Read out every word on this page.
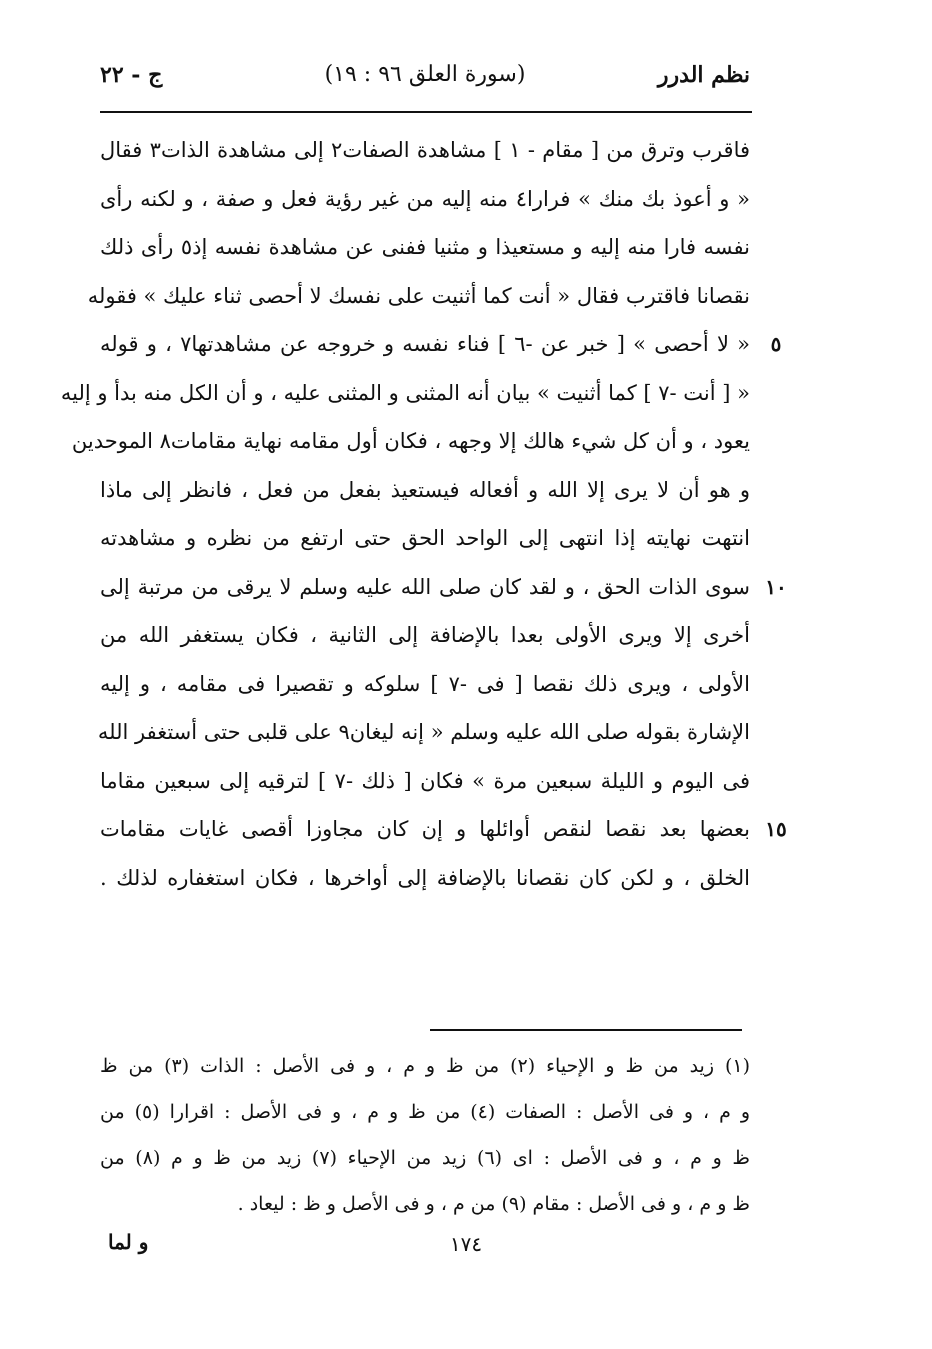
نظم الدرر
(سورة العلق ٩٦ : ١٩)
ج - ٢٢
فاقرب وترق من [ مقام - ١ ] مشاهدة الصفات٢ إلى مشاهدة الذات٣ فقال
« و أعوذ بك منك » فرارا٤ منه إليه من غير رؤية فعل و صفة ، و لكنه رأى
نفسه فارا منه إليه و مستعيذا و مثنيا ففنى عن مشاهدة نفسه إذ٥ رأى ذلك
نقصانا فاقترب فقال « أنت كما أثنيت على نفسك لا أحصى ثناء عليك » فقوله
« لا أحصى » [ خبر عن -٦ ] فناء نفسه و خروجه عن مشاهدتها٧ ، و قوله	٥
« [ أنت -٧ ] كما أثنيت » بيان أنه المثنى و المثنى عليه ، و أن الكل منه بدأ و إليه
يعود ، و أن كل شيء هالك إلا وجهه ، فكان أول مقامه نهاية مقامات٨ الموحدين
و هو أن لا يرى إلا الله و أفعاله فيستعيذ بفعل من فعل ، فانظر إلى ماذا
انتهت نهايته إذا انتهى إلى الواحد الحق حتى ارتفع من نظره و مشاهدته
سوى الذات الحق ، و لقد كان صلى الله عليه وسلم لا يرقى من مرتبة إلى ١٠
أخرى إلا ويرى الأولى بعدا بالإضافة إلى الثانية ، فكان يستغفر الله من
الأولى ، ويرى ذلك نقصا [ فى -٧ ] سلوكه و تقصيرا فى مقامه ، و إليه
الإشارة بقوله صلى الله عليه وسلم « إنه ليغان٩ على قلبى حتى أستغفر الله
فى اليوم و الليلة سبعين مرة » فكان [ ذلك -٧ ] لترقيه إلى سبعين مقاما
بعضها بعد نقصا لنقص أوائلها و إن كان مجاوزا أقصى غايات مقامات ١٥
الخلق ، و لكن كان نقصانا بالإضافة إلى أواخرها ، فكان استغفاره لذلك .
(١) زيد من ظ و الإحياء (٢) من ظ و م ، و فى الأصل : الذات (٣) من ظ
و م ، و فى الأصل : الصفات (٤) من ظ و م ، و فى الأصل : اقرارا (٥) من
ظ و م ، و فى الأصل : اى (٦) زيد من الإحياء (٧) زيد من ظ و م (٨) من
ظ و م ، و فى الأصل : مقام (٩) من م ، و فى الأصل و ظ : ليعاد .
و لما	١٧٤
